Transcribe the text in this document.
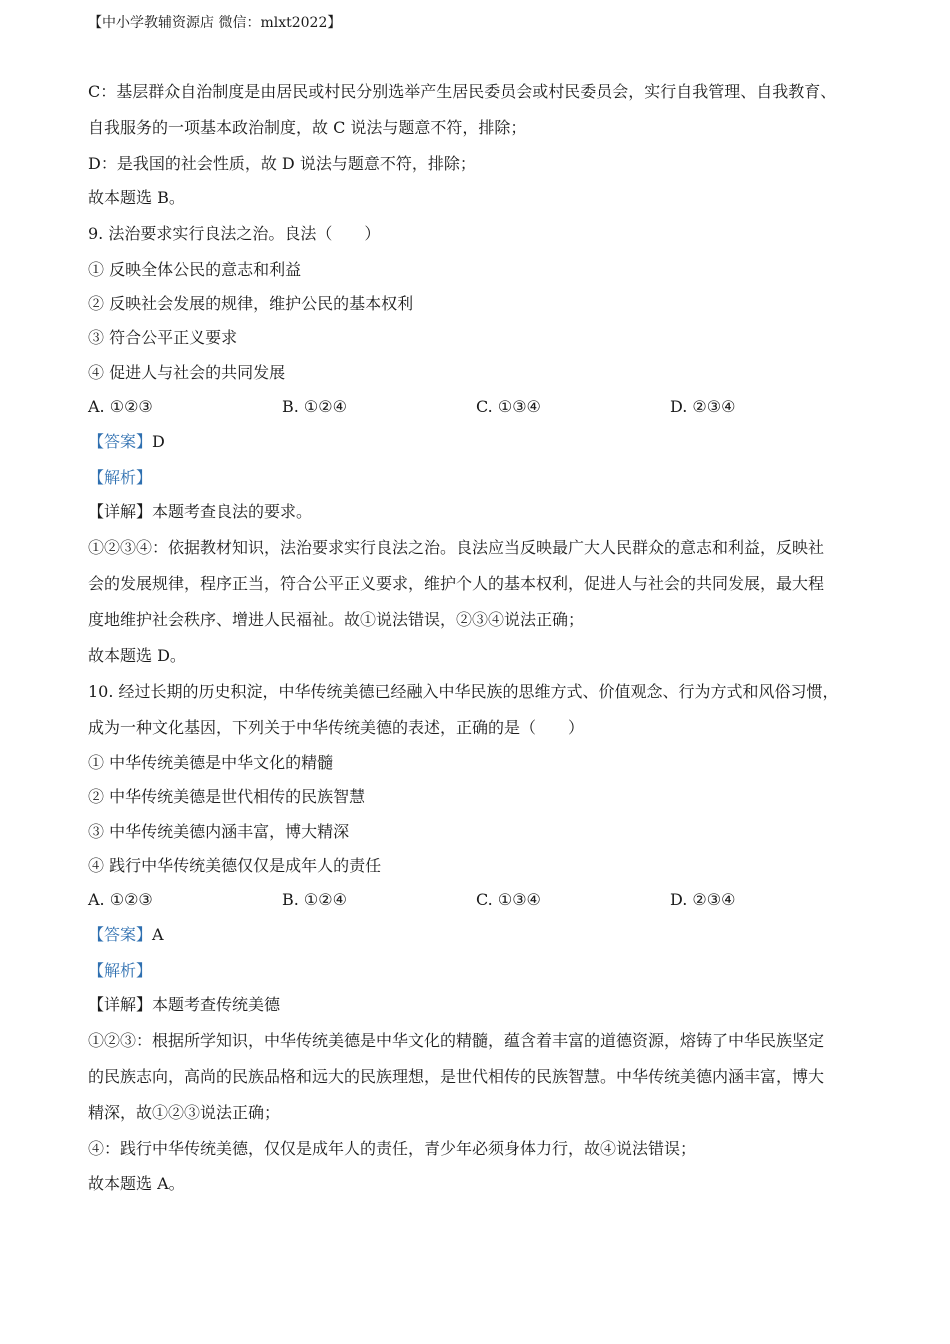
【中小学教辅资源店 微信：mlxt2022】
C：基层群众自治制度是由居民或村民分别选举产生居民委员会或村民委员会，实行自我管理、自我教育、
自我服务的一项基本政治制度，故 C 说法与题意不符，排除；
D：是我国的社会性质，故 D 说法与题意不符，排除；
故本题选 B。
9. 法治要求实行良法之治。良法（　　）
① 反映全体公民的意志和利益
② 反映社会发展的规律，维护公民的基本权利
③ 符合公平正义要求
④ 促进人与社会的共同发展
A. ①②③	B. ①②④	C. ①③④	D. ②③④
【答案】D
【解析】
【详解】本题考查良法的要求。
①②③④：依据教材知识，法治要求实行良法之治。良法应当反映最广大人民群众的意志和利益，反映社
会的发展规律，程序正当，符合公平正义要求，维护个人的基本权利，促进人与社会的共同发展，最大程
度地维护社会秩序、增进人民福祉。故①说法错误，②③④说法正确；
故本题选 D。
10. 经过长期的历史积淀，中华传统美德已经融入中华民族的思维方式、价值观念、行为方式和风俗习惯，
成为一种文化基因，下列关于中华传统美德的表述，正确的是（　　）
① 中华传统美德是中华文化的精髓
② 中华传统美德是世代相传的民族智慧
③ 中华传统美德内涵丰富，博大精深
④ 践行中华传统美德仅仅是成年人的责任
A. ①②③	B. ①②④	C. ①③④	D. ②③④
【答案】A
【解析】
【详解】本题考查传统美德
①②③：根据所学知识，中华传统美德是中华文化的精髓，蕴含着丰富的道德资源，熔铸了中华民族坚定
的民族志向，高尚的民族品格和远大的民族理想，是世代相传的民族智慧。中华传统美德内涵丰富，博大
精深，故①②③说法正确；
④：践行中华传统美德，仅仅是成年人的责任，青少年必须身体力行，故④说法错误；
故本题选 A。
